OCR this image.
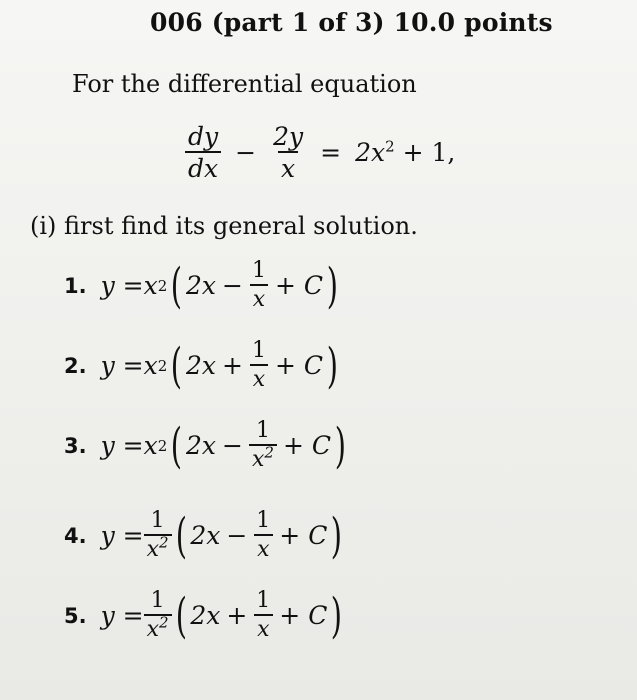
006 (part 1 of 3) 10.0 points
For the differential equation
$\frac{dy}{dx} - \frac{2y}{x} = 2x^2 + 1$,
(i) first find its general solution.
1. y = x 2 ( $2x - \frac{1}{x} + C$ )
2. y = x 2 ( $2x + \frac{1}{x} + C$ )
3. y = x 2 ( $2x - \frac{1}{x^2} + C$ )
4. $y = \frac{1}{x^2}$ ( $2x - \frac{1}{x} + C$ )
5. $y = \frac{1}{x^2}$ ( $2x + \frac{1}{x} + C$ )
